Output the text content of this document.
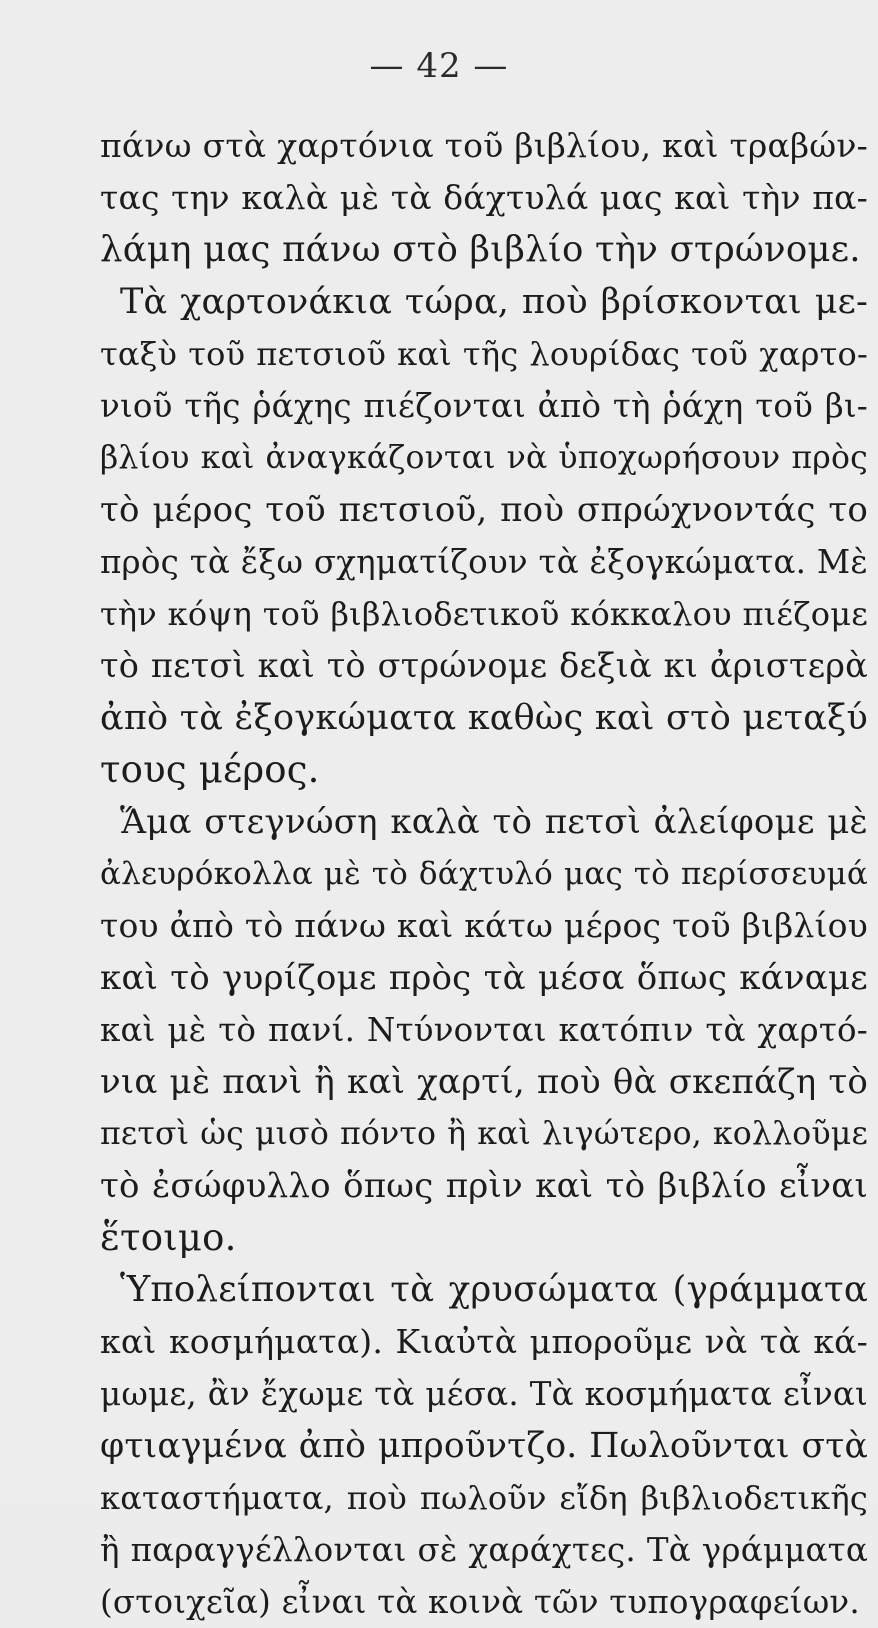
— 42 —
πάνω στὰ χαρτόνια τοῦ βιβλίου, καὶ τραβών-
τας την καλὰ μὲ τὰ δάχτυλά μας καὶ τὴν πα-
λάμη μας πάνω στὸ βιβλίο τὴν στρώνομε.
Τὰ χαρτονάκια τώρα, ποὺ βρίσκονται με-
ταξὺ τοῦ πετσιοῦ καὶ τῆς λουρίδας τοῦ χαρτο-
νιοῦ τῆς ῥάχης πιέζονται ἀπὸ τὴ ῥάχη τοῦ βι-
βλίου καὶ ἀναγκάζονται νὰ ὑποχωρήσουν πρὸς
τὸ μέρος τοῦ πετσιοῦ, ποὺ σπρώχνοντάς το
πρὸς τὰ ἔξω σχηματίζουν τὰ ἐξογκώματα. Μὲ
τὴν κόψη τοῦ βιβλιοδετικοῦ κόκκαλου πιέζομε
τὸ πετσὶ καὶ τὸ στρώνομε δεξιὰ κι ἀριστερὰ
ἀπὸ τὰ ἐξογκώματα καθὼς καὶ στὸ μεταξύ
τους μέρος.
Ἅμα στεγνώση καλὰ τὸ πετσὶ ἀλείφομε μὲ
ἀλευρόκολλα μὲ τὸ δάχτυλό μας τὸ περίσσευμά
του ἀπὸ τὸ πάνω καὶ κάτω μέρος τοῦ βιβλίου
καὶ τὸ γυρίζομε πρὸς τὰ μέσα ὅπως κάναμε
καὶ μὲ τὸ πανί. Ντύνονται κατόπιν τὰ χαρτό-
νια μὲ πανὶ ἢ καὶ χαρτί, ποὺ θὰ σκεπάζη τὸ
πετσὶ ὡς μισὸ πόντο ἢ καὶ λιγώτερο, κολλοῦμε
τὸ ἐσώφυλλο ὅπως πρὶν καὶ τὸ βιβλίο εἶναι
ἕτοιμο.
Ὑπολείπονται τὰ χρυσώματα (γράμματα
καὶ κοσμήματα). Κιαὐτὰ μποροῦμε νὰ τὰ κά-
μωμε, ἂν ἔχωμε τὰ μέσα. Τὰ κοσμήματα εἶναι
φτιαγμένα ἀπὸ μπροῦντζο. Πωλοῦνται στὰ
καταστήματα, ποὺ πωλοῦν εἴδη βιβλιοδετικῆς
ἢ παραγγέλλονται σὲ χαράχτες. Τὰ γράμματα
(στοιχεῖα) εἶναι τὰ κοινὰ τῶν τυπογραφείων.
